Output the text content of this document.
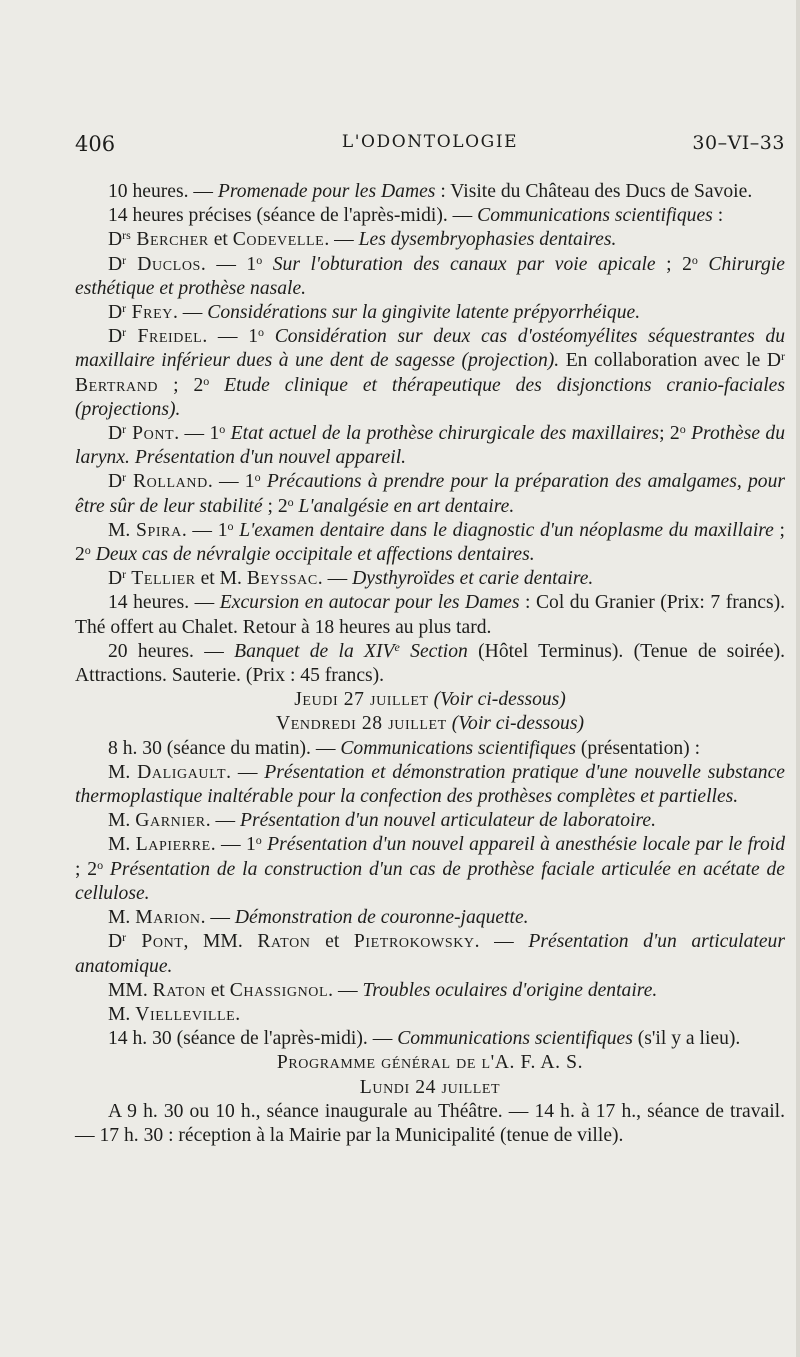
406	L'ODONTOLOGIE	30–VI–33

10 heures. — Promenade pour les Dames : Visite du Château des Ducs de Savoie.

14 heures précises (séance de l'après-midi). — Communications scientifiques :

$D^{rs}$ Bercher et Codevelle. — Les dysembryophasies dentaires.

$D^r$ Duclos. — 1$^o$ Sur l'obturation des canaux par voie apicale ; 2$^o$ Chirurgie esthétique et prothèse nasale.

$D^r$ Frey. — Considérations sur la gingivite latente prépyorrhéique.

$D^r$ Freidel. — 1$^o$ Considération sur deux cas d'ostéomyélites séquestrantes du maxillaire inférieur dues à une dent de sagesse (projection). En collaboration avec le $D^r$ Bertrand ; 2$^o$ Etude clinique et thérapeutique des disjonctions cranio-faciales (projections).

$D^r$ Pont. — 1$^o$ Etat actuel de la prothèse chirurgicale des maxillaires; 2$^o$ Prothèse du larynx. Présentation d'un nouvel appareil.

$D^r$ Rolland. — 1$^o$ Précautions à prendre pour la préparation des amalgames, pour être sûr de leur stabilité ; 2$^o$ L'analgésie en art dentaire.

M. Spira. — 1$^o$ L'examen dentaire dans le diagnostic d'un néoplasme du maxillaire ; 2$^o$ Deux cas de névralgie occipitale et affections dentaires.

$D^r$ Tellier et M. Beyssac. — Dysthyroïdes et carie dentaire.

14 heures. — Excursion en autocar pour les Dames : Col du Granier (Prix: 7 francs). Thé offert au Chalet. Retour à 18 heures au plus tard.

20 heures. — Banquet de la XIVe Section (Hôtel Terminus). (Tenue de soirée). Attractions. Sauterie. (Prix : 45 francs).

Jeudi 27 juillet (Voir ci-dessous)

Vendredi 28 juillet (Voir ci-dessous)

8 h. 30 (séance du matin). — Communications scientifiques (présentation) :

M. Daligault. — Présentation et démonstration pratique d'une nouvelle substance thermoplastique inaltérable pour la confection des prothèses complètes et partielles.

M. Garnier. — Présentation d'un nouvel articulateur de laboratoire.

M. Lapierre. — 1$^o$ Présentation d'un nouvel appareil à anesthésie locale par le froid ; 2$^o$ Présentation de la construction d'un cas de prothèse faciale articulée en acétate de cellulose.

M. Marion. — Démonstration de couronne-jaquette.

$D^r$ Pont, MM. Raton et Pietrokowsky. — Présentation d'un articulateur anatomique.

MM. Raton et Chassignol. — Troubles oculaires d'origine dentaire.

M. Vielleville.

14 h. 30 (séance de l'après-midi). — Communications scientifiques (s'il y a lieu).

Programme général de l'A. F. A. S.

Lundi 24 juillet

A 9 h. 30 ou 10 h., séance inaugurale au Théâtre. — 14 h. à 17 h., séance de travail. — 17 h. 30 : réception à la Mairie par la Municipalité (tenue de ville).
